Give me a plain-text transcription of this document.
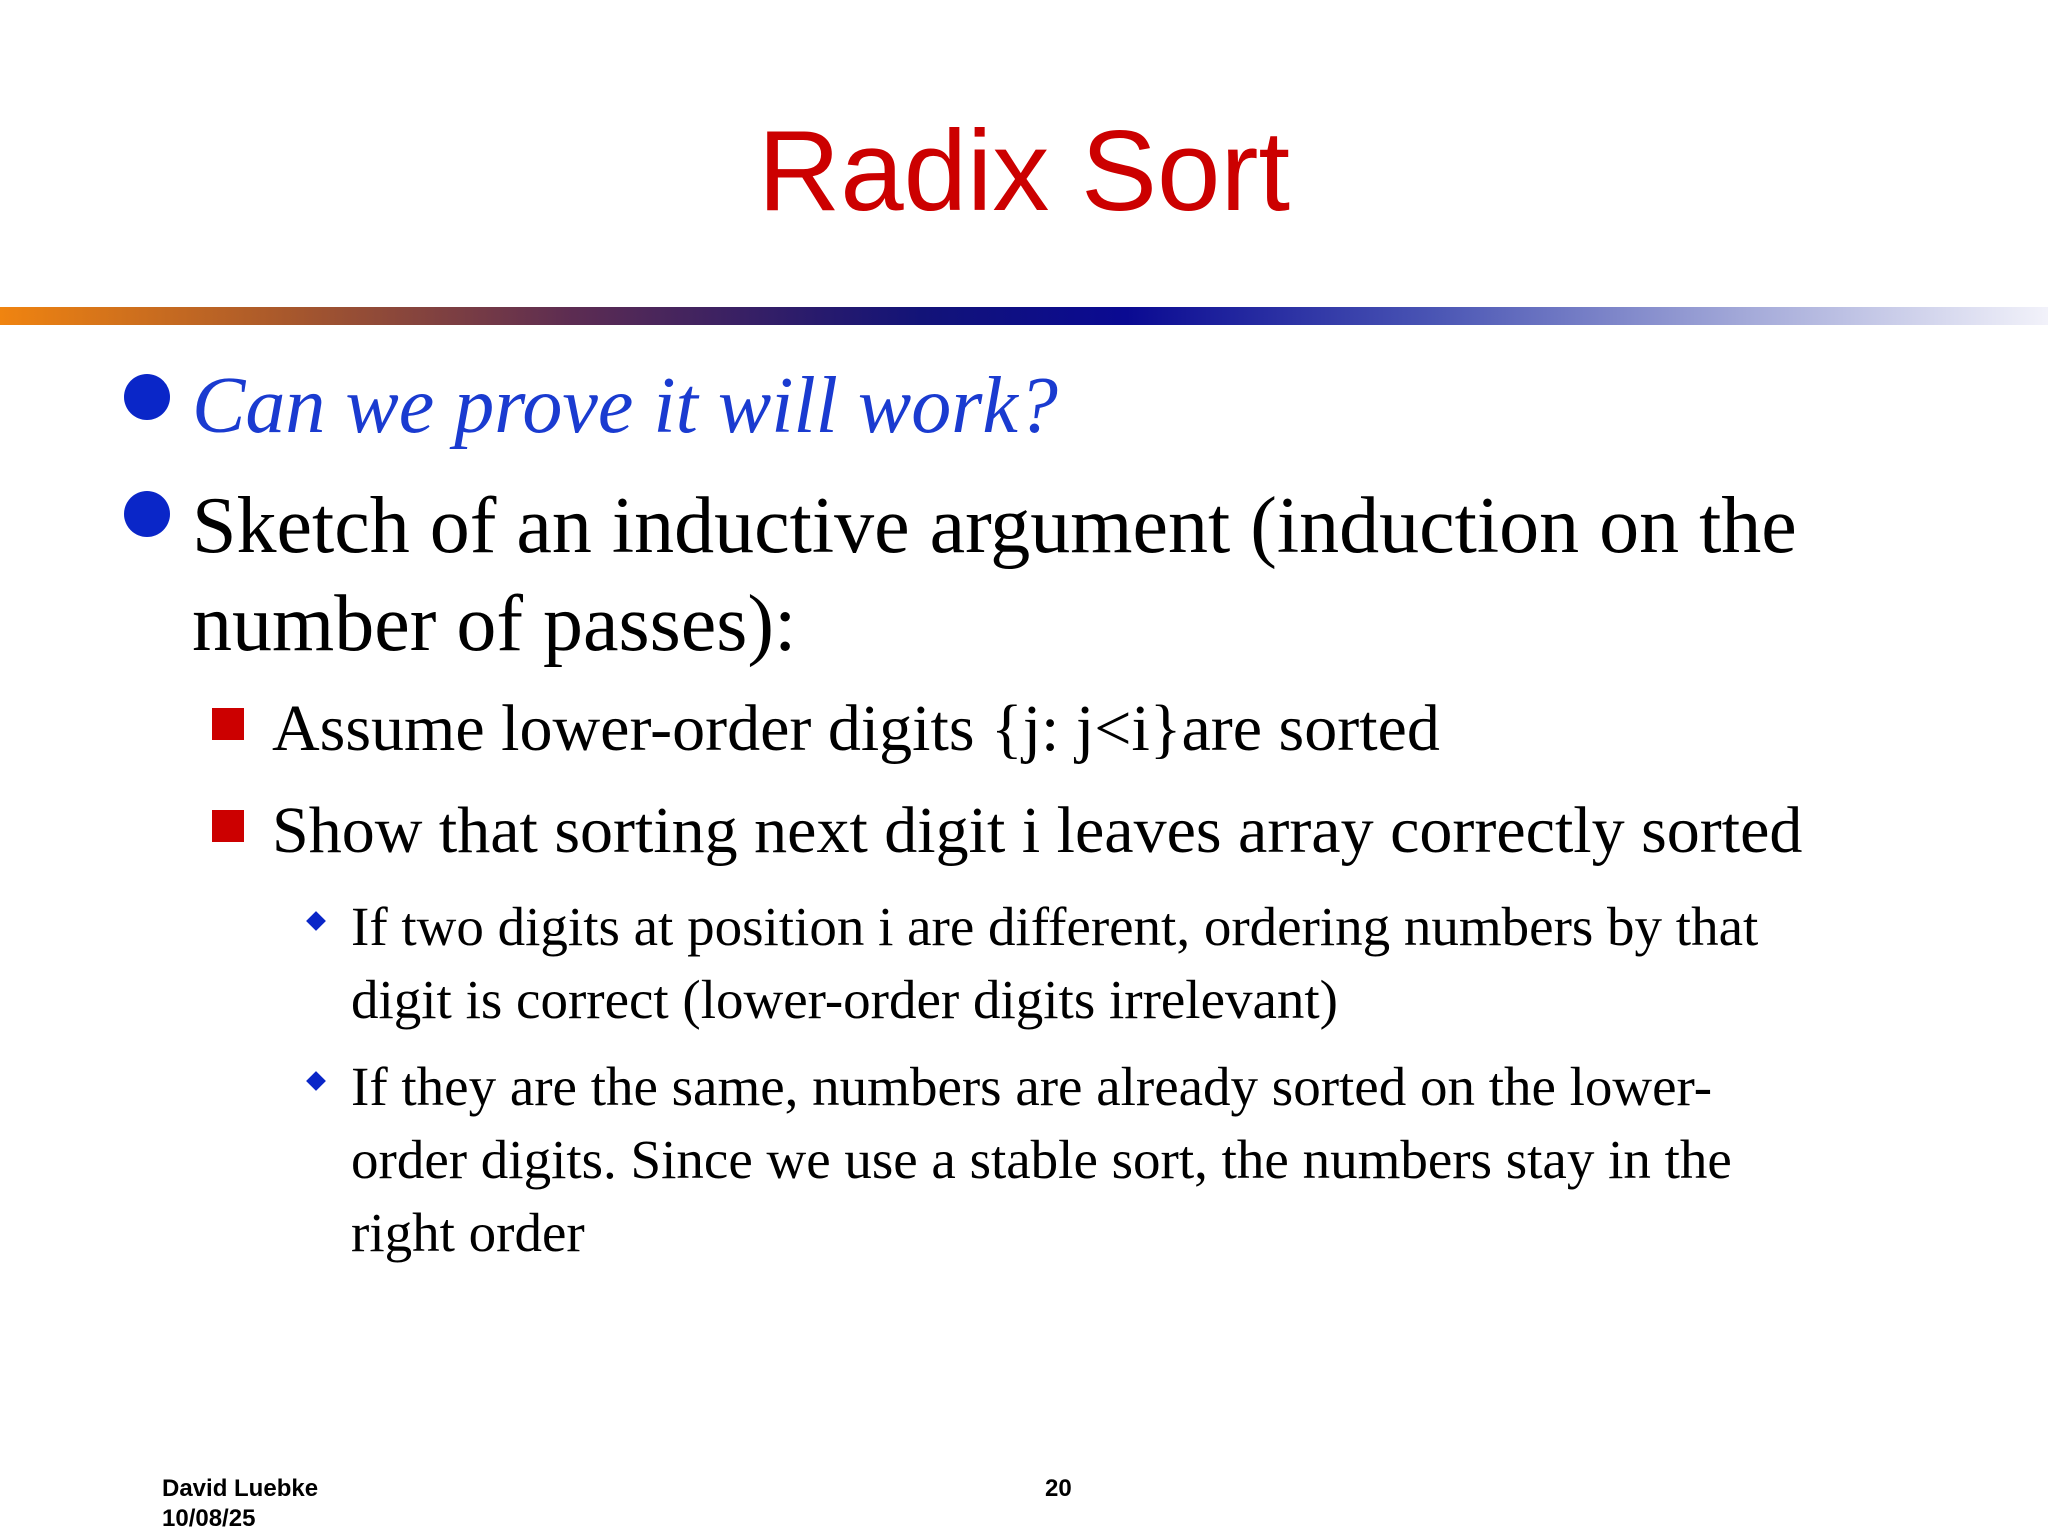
Radix Sort
Can we prove it will work?
Sketch of an inductive argument (induction on the
number of passes):
Assume lower-order digits {j: j<i}are sorted
Show that sorting next digit i leaves array correctly sorted
If two digits at position i are different, ordering numbers by that
digit is correct (lower-order digits irrelevant)
If they are the same, numbers are already sorted on the lower-
order digits. Since we use a stable sort, the numbers stay in the
right order
David Luebke
10/08/25
20
